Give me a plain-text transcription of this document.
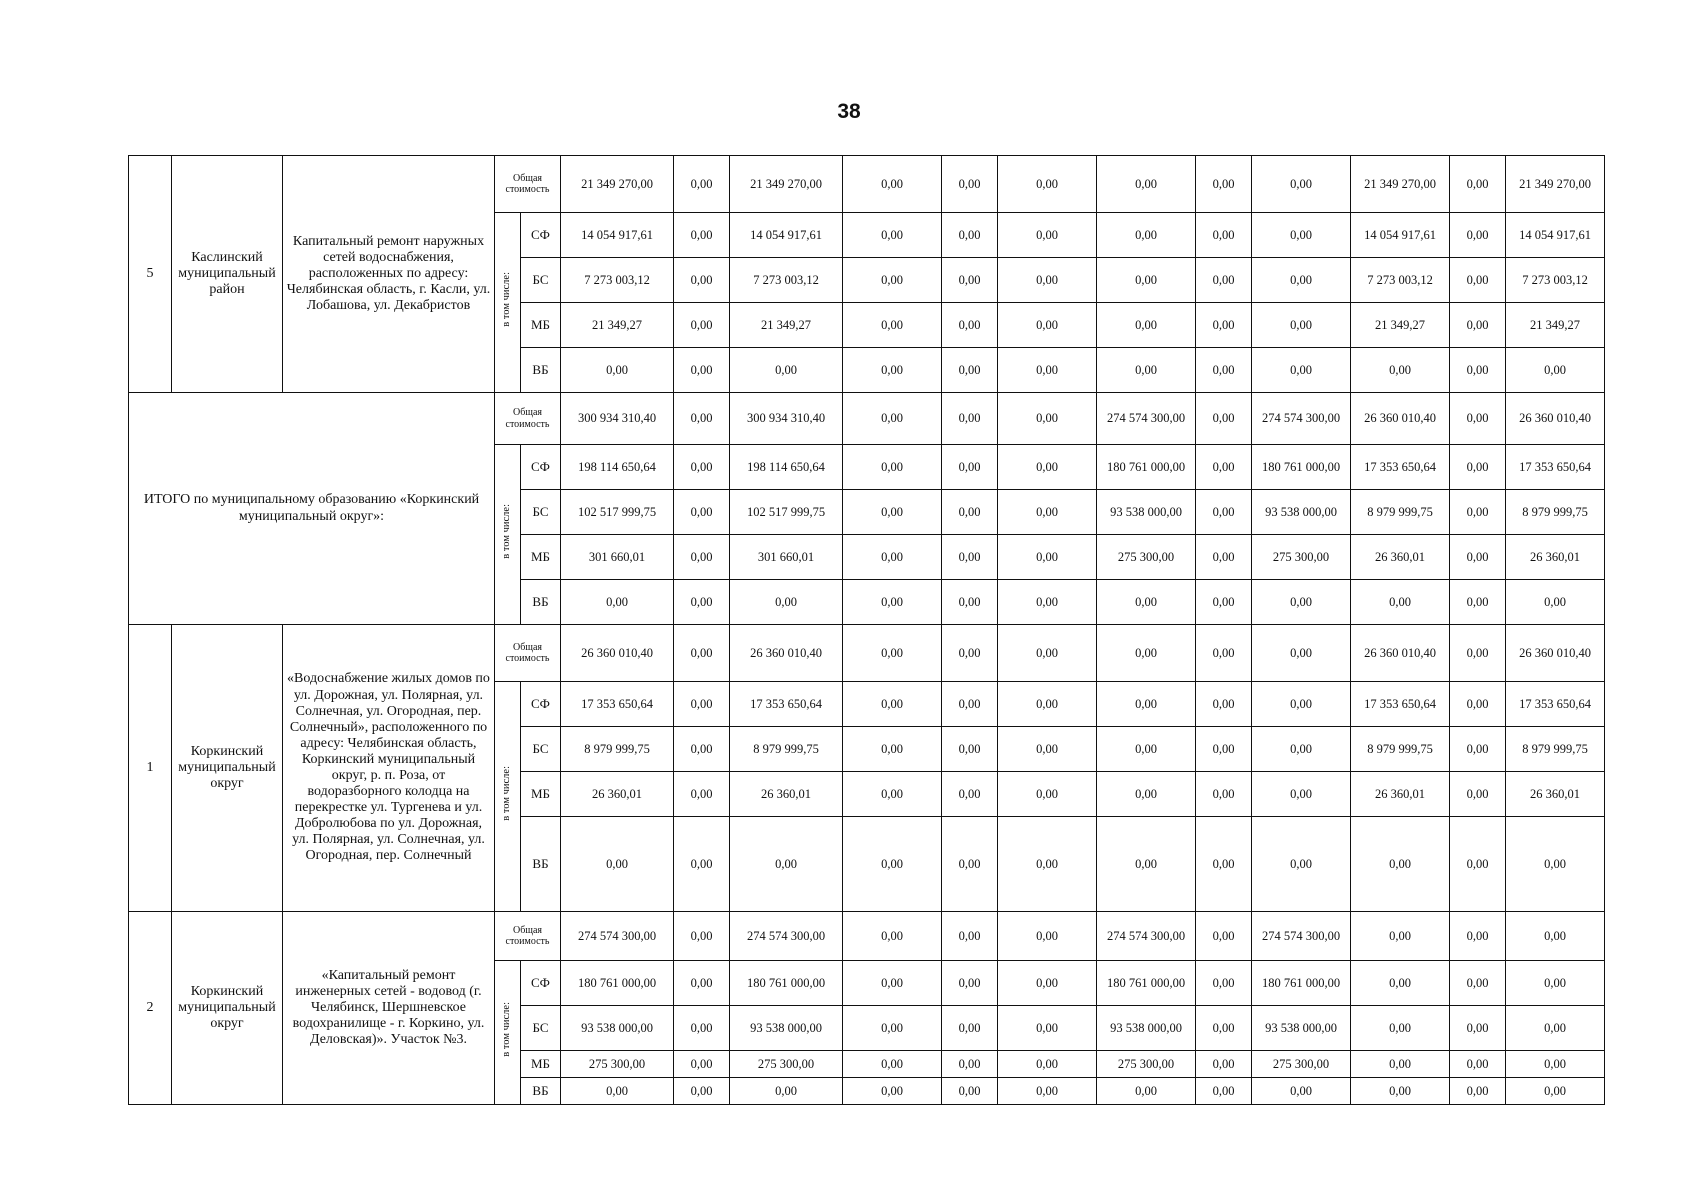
38
5	Каслинский муниципальный район	Капитальный ремонт наружных сетей водоснабжения, расположенных по адресу: Челябинская область, г. Касли, ул. Лобашова, ул. Декабристов	Общая стоимость		21 349 270,00	0,00	21 349 270,00	0,00	0,00	0,00	0,00	0,00	0,00	21 349 270,00	0,00	21 349 270,00
			в том числе:	СФ	14 054 917,61	0,00	14 054 917,61	0,00	0,00	0,00	0,00	0,00	0,00	14 054 917,61	0,00	14 054 917,61
				БС	7 273 003,12	0,00	7 273 003,12	0,00	0,00	0,00	0,00	0,00	0,00	7 273 003,12	0,00	7 273 003,12
				МБ	21 349,27	0,00	21 349,27	0,00	0,00	0,00	0,00	0,00	0,00	21 349,27	0,00	21 349,27
				ВБ	0,00	0,00	0,00	0,00	0,00	0,00	0,00	0,00	0,00	0,00	0,00	0,00
ИТОГО по муниципальному образованию «Коркинский муниципальный округ»:			Общая стоимость		300 934 310,40	0,00	300 934 310,40	0,00	0,00	0,00	274 574 300,00	0,00	274 574 300,00	26 360 010,40	0,00	26 360 010,40
			в том числе:	СФ	198 114 650,64	0,00	198 114 650,64	0,00	0,00	0,00	180 761 000,00	0,00	180 761 000,00	17 353 650,64	0,00	17 353 650,64
				БС	102 517 999,75	0,00	102 517 999,75	0,00	0,00	0,00	93 538 000,00	0,00	93 538 000,00	8 979 999,75	0,00	8 979 999,75
				МБ	301 660,01	0,00	301 660,01	0,00	0,00	0,00	275 300,00	0,00	275 300,00	26 360,01	0,00	26 360,01
				ВБ	0,00	0,00	0,00	0,00	0,00	0,00	0,00	0,00	0,00	0,00	0,00	0,00
1	Коркинский муниципальный округ	«Водоснабжение жилых домов по ул. Дорожная, ул. Полярная, ул. Солнечная, ул. Огородная, пер. Солнечный», расположенного по адресу: Челябинская область, Коркинский муниципальный округ, р. п. Роза, от водоразборного колодца на перекрестке ул. Тургенева и ул. Добролюбова по ул. Дорожная, ул. Полярная, ул. Солнечная, ул. Огородная, пер. Солнечный	Общая стоимость		26 360 010,40	0,00	26 360 010,40	0,00	0,00	0,00	0,00	0,00	0,00	26 360 010,40	0,00	26 360 010,40
			в том числе:	СФ	17 353 650,64	0,00	17 353 650,64	0,00	0,00	0,00	0,00	0,00	0,00	17 353 650,64	0,00	17 353 650,64
				БС	8 979 999,75	0,00	8 979 999,75	0,00	0,00	0,00	0,00	0,00	0,00	8 979 999,75	0,00	8 979 999,75
				МБ	26 360,01	0,00	26 360,01	0,00	0,00	0,00	0,00	0,00	0,00	26 360,01	0,00	26 360,01
				ВБ	0,00	0,00	0,00	0,00	0,00	0,00	0,00	0,00	0,00	0,00	0,00	0,00
2	Коркинский муниципальный округ	«Капитальный ремонт инженерных сетей - водовод (г. Челябинск, Шершневское водохранилище - г. Коркино, ул. Деловская)». Участок №3.	Общая стоимость		274 574 300,00	0,00	274 574 300,00	0,00	0,00	0,00	274 574 300,00	0,00	274 574 300,00	0,00	0,00	0,00
			в том числе:	СФ	180 761 000,00	0,00	180 761 000,00	0,00	0,00	0,00	180 761 000,00	0,00	180 761 000,00	0,00	0,00	0,00
				БС	93 538 000,00	0,00	93 538 000,00	0,00	0,00	0,00	93 538 000,00	0,00	93 538 000,00	0,00	0,00	0,00
				МБ	275 300,00	0,00	275 300,00	0,00	0,00	0,00	275 300,00	0,00	275 300,00	0,00	0,00	0,00
				ВБ	0,00	0,00	0,00	0,00	0,00	0,00	0,00	0,00	0,00	0,00	0,00	0,00
